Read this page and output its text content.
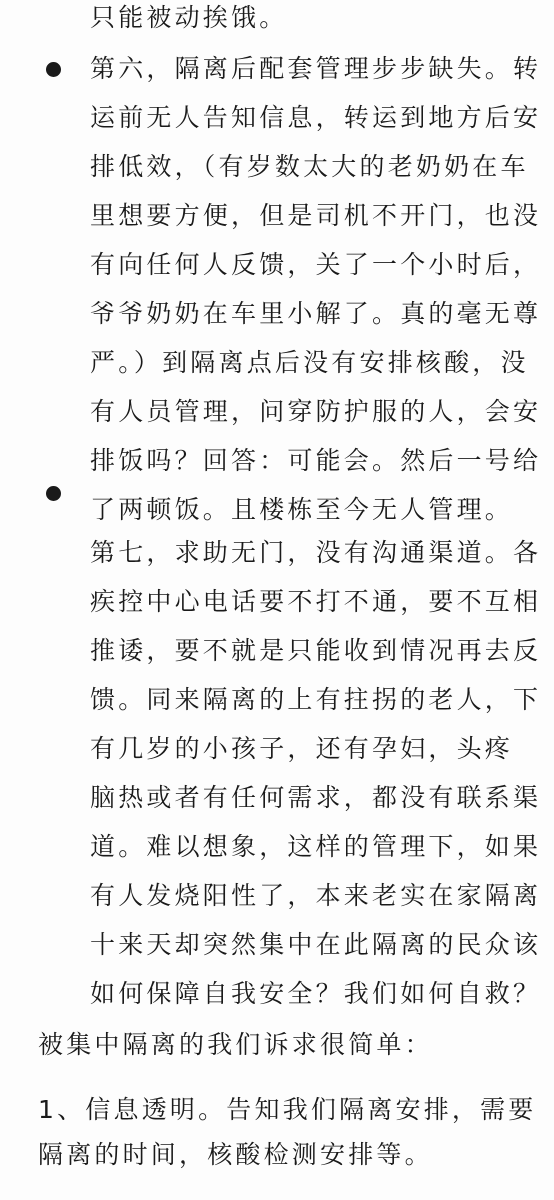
只能被动挨饿。
第六，隔离后配套管理步步缺失。转
运前无人告知信息，转运到地方后安
排低效，（有岁数太大的老奶奶在车
里想要方便，但是司机不开门，也没
有向任何人反馈，关了一个小时后，
爷爷奶奶在车里小解了。真的毫无尊
严。）到隔离点后没有安排核酸，没
有人员管理，问穿防护服的人，会安
排饭吗？回答：可能会。然后一号给
了两顿饭。且楼栋至今无人管理。
第七，求助无门，没有沟通渠道。各
疾控中心电话要不打不通，要不互相
推诿，要不就是只能收到情况再去反
馈。同来隔离的上有拄拐的老人，下
有几岁的小孩子，还有孕妇，头疼
脑热或者有任何需求，都没有联系渠
道。难以想象，这样的管理下，如果
有人发烧阳性了，本来老实在家隔离
十来天却突然集中在此隔离的民众该
如何保障自我安全？我们如何自救？
被集中隔离的我们诉求很简单：
1、信息透明。告知我们隔离安排，需要
隔离的时间，核酸检测安排等。
